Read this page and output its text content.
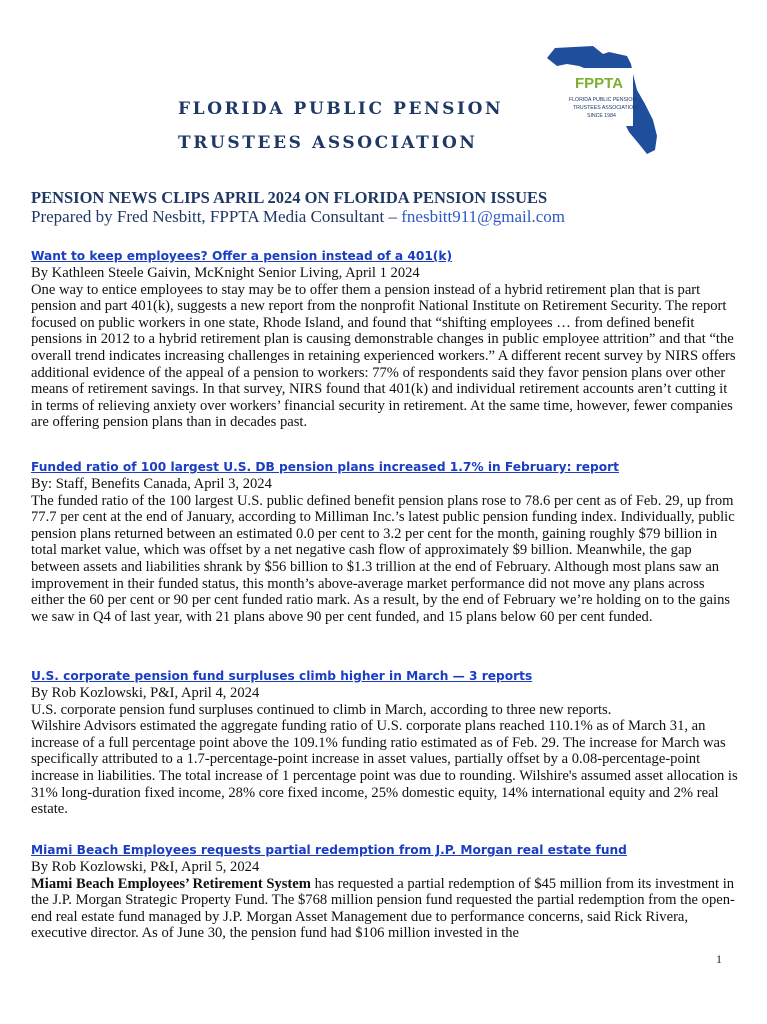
FLORIDA PUBLIC PENSION
TRUSTEES ASSOCIATION
FPPTA
FLORIDA PUBLIC PENSION
TRUSTEES ASSOCIATION
SINCE 1984
PENSION NEWS CLIPS APRIL 2024 ON FLORIDA PENSION ISSUES
Prepared by Fred Nesbitt, FPPTA Media Consultant – fnesbitt911@gmail.com
Want to keep employees? Offer a pension instead of a 401(k)
By Kathleen Steele Gaivin, McKnight Senior Living, April 1 2024

One way to entice employees to stay may be to offer them a pension instead of a hybrid retirement plan that is part pension and part 401(k), suggests a new report from the nonprofit National Institute on Retirement Security. The report focused on public workers in one state, Rhode Island, and found that “shifting employees … from defined benefit pensions in 2012 to a hybrid retirement plan is causing demonstrable changes in public employee attrition” and that “the overall trend indicates increasing challenges in retaining experienced workers.” A different recent survey by NIRS offers additional evidence of the appeal of a pension to workers: 77% of respondents said they favor pension plans over other means of retirement savings. In that survey, NIRS found that 401(k) and individual retirement accounts aren’t cutting it in terms of relieving anxiety over workers’ financial security in retirement. At the same time, however, fewer companies are offering pension plans than in decades past.

Funded ratio of 100 largest U.S. DB pension plans increased 1.7% in February: report
By: Staff, Benefits Canada, April 3, 2024

The funded ratio of the 100 largest U.S. public defined benefit pension plans rose to 78.6 per cent as of Feb. 29, up from 77.7 per cent at the end of January, according to Milliman Inc.’s latest public pension funding index. Individually, public pension plans returned between an estimated 0.0 per cent to 3.2 per cent for the month, gaining roughly $79 billion in total market value, which was offset by a net negative cash flow of approximately $9 billion. Meanwhile, the gap between assets and liabilities shrank by $56 billion to $1.3 trillion at the end of February. Although most plans saw an improvement in their funded status, this month’s above-average market performance did not move any plans across either the 60 per cent or 90 per cent funded ratio mark. As a result, by the end of February we’re holding on to the gains we saw in Q4 of last year, with 21 plans above 90 per cent funded, and 15 plans below 60 per cent funded.

U.S. corporate pension fund surpluses climb higher in March — 3 reports
By Rob Kozlowski, P&I, April 4, 2024

U.S. corporate pension fund surpluses continued to climb in March, according to three new reports.

Wilshire Advisors estimated the aggregate funding ratio of U.S. corporate plans reached 110.1% as of March 31, an increase of a full percentage point above the 109.1% funding ratio estimated as of Feb. 29. The increase for March was specifically attributed to a 1.7-percentage-point increase in asset values, partially offset by a 0.08-percentage-point increase in liabilities. The total increase of 1 percentage point was due to rounding. Wilshire's assumed asset allocation is 31% long-duration fixed income, 28% core fixed income, 25% domestic equity, 14% international equity and 2% real estate.

Miami Beach Employees requests partial redemption from J.P. Morgan real estate fund
By Rob Kozlowski, P&I, April 5, 2024

Miami Beach Employees’ Retirement System has requested a partial redemption of $45 million from its investment in the J.P. Morgan Strategic Property Fund. The $768 million pension fund requested the partial redemption from the open-end real estate fund managed by J.P. Morgan Asset Management due to performance concerns, said Rick Rivera, executive director. As of June 30, the pension fund had $106 million invested in the

1
